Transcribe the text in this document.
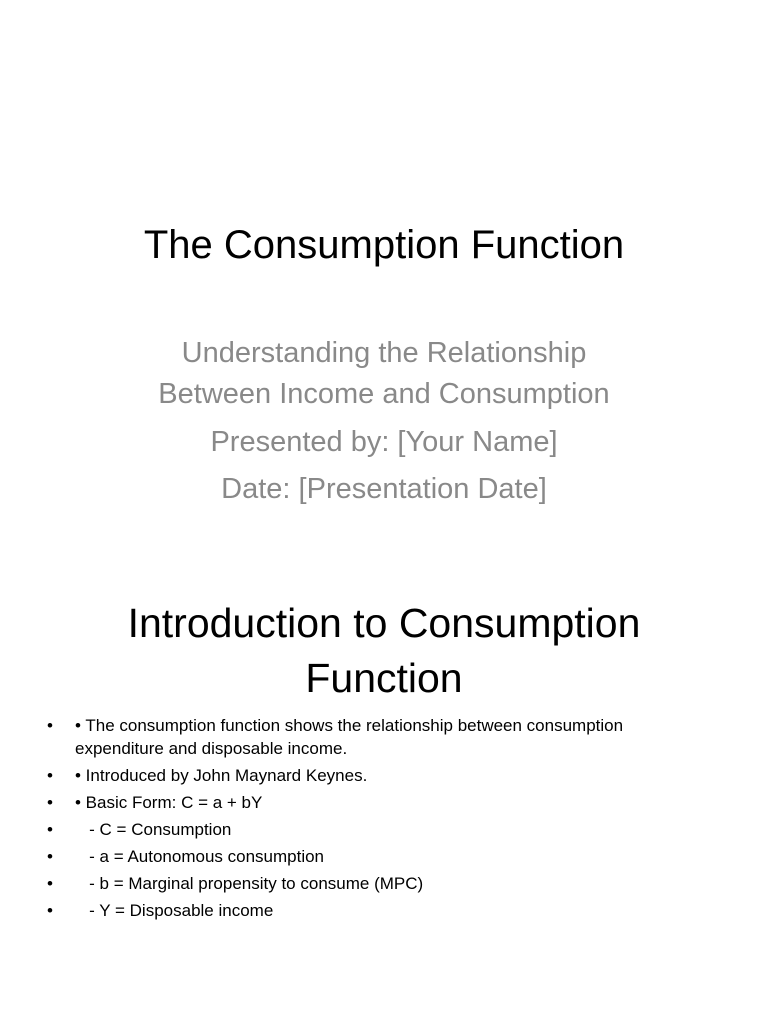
The Consumption Function

Understanding the Relationship Between Income and Consumption

Presented by: [Your Name]

Date: [Presentation Date]

Introduction to Consumption Function
•	• The consumption function shows the relationship between consumption expenditure and disposable income.
•	• Introduced by John Maynard Keynes.
•	• Basic Form: C = a + bY
•	- C = Consumption
•	- a = Autonomous consumption
•	- b = Marginal propensity to consume (MPC)
•	- Y = Disposable income
